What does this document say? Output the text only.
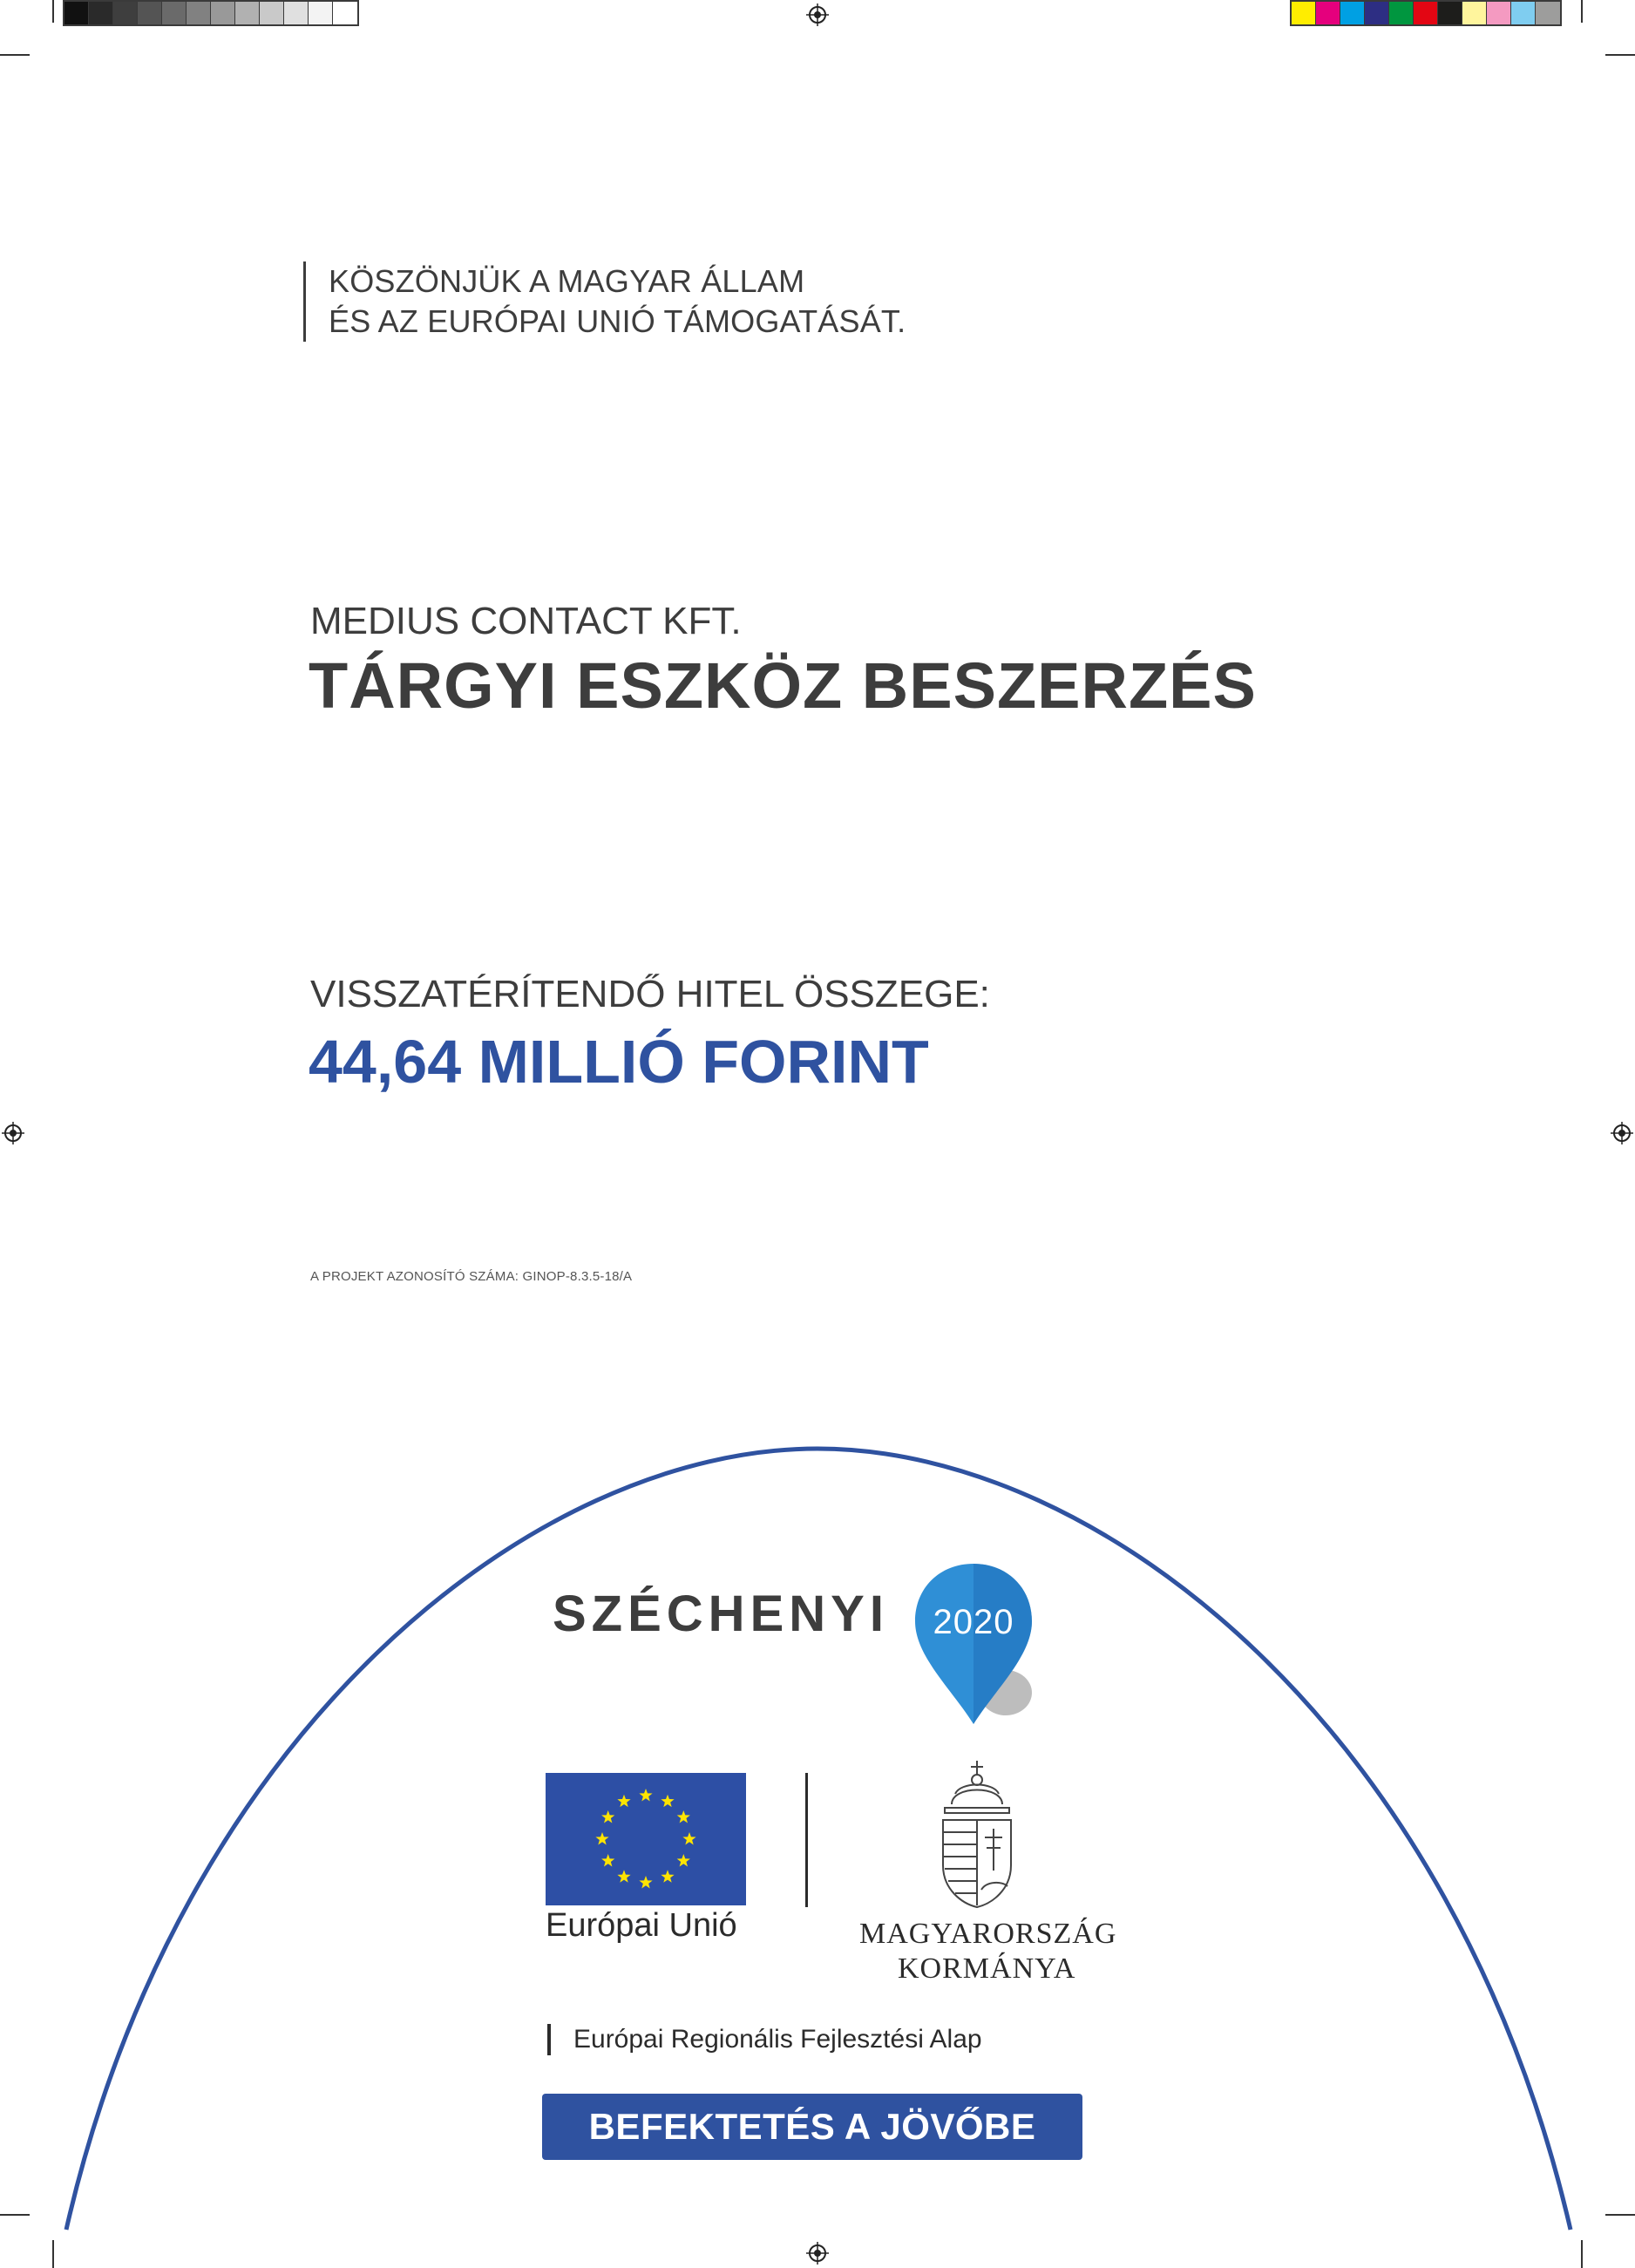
KÖSZÖNJÜK A MAGYAR ÁLLAM
ÉS AZ EURÓPAI UNIÓ TÁMOGATÁSÁT.
MEDIUS CONTACT KFT.
TÁRGYI ESZKÖZ BESZERZÉS
VISSZATÉRÍTENDŐ HITEL ÖSSZEGE:
44,64 MILLIÓ FORINT
A PROJEKT AZONOSÍTÓ SZÁMA: GINOP-8.3.5-18/A
SZÉCHENYI 2020
Európai Unió	MAGYARORSZÁG
KORMÁNYA
Európai Regionális Fejlesztési Alap
BEFEKTETÉS A JÖVŐBE
